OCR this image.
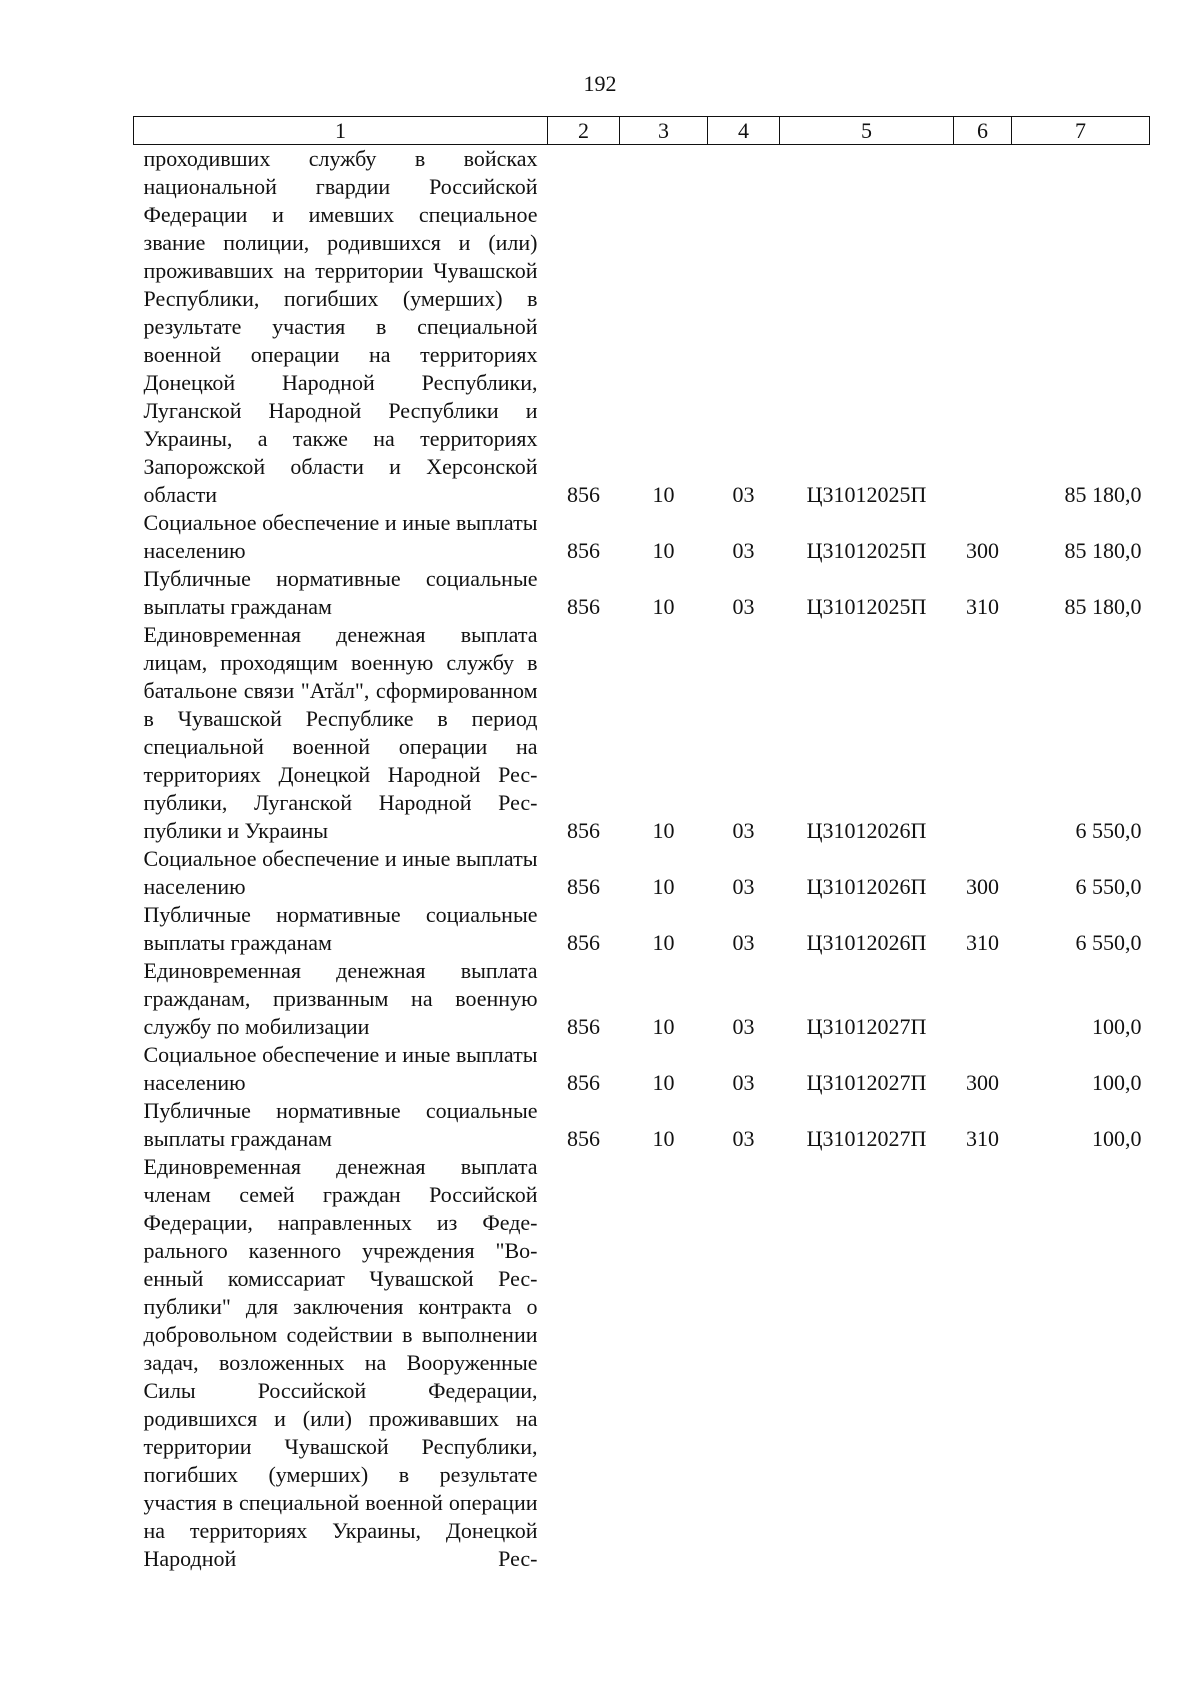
192
1	2	3	4	5	6	7
проходивших службу в войсках национальной гвардии Российской Федерации и имевших специальное звание полиции, родившихся и (или) проживавших на территории Чувашской Республики, погибших (умерших) в результате участия в специальной военной операции на территориях Донецкой Народной Республики, Луганской Народной Республики и Украины, а также на территориях Запорожской области и Херсонской области	856	10	03	Ц31012025П		85 180,0
Социальное обеспечение и иные выплаты населению	856	10	03	Ц31012025П	300	85 180,0
Публичные нормативные социальные выплаты гражданам	856	10	03	Ц31012025П	310	85 180,0
Единовременная денежная выплата лицам, проходящим военную службу в батальоне связи "Атӑл", сформированном в Чувашской Республике в период специальной военной операции на территориях Донецкой Народной Республики, Луганской Народной Республики и Украины	856	10	03	Ц31012026П		6 550,0
Социальное обеспечение и иные выплаты населению	856	10	03	Ц31012026П	300	6 550,0
Публичные нормативные социальные выплаты гражданам	856	10	03	Ц31012026П	310	6 550,0
Единовременная денежная выплата гражданам, призванным на военную службу по мобилизации	856	10	03	Ц31012027П		100,0
Социальное обеспечение и иные выплаты населению	856	10	03	Ц31012027П	300	100,0
Публичные нормативные социальные выплаты гражданам	856	10	03	Ц31012027П	310	100,0
Единовременная денежная выплата членам семей граждан Российской Федерации, направленных из Федерального казенного учреждения "Военный комиссариат Чувашской Республики" для заключения контракта о добровольном содействии в выполнении задач, возложенных на Вооруженные Силы Российской Федерации, родившихся и (или) проживавших на территории Чувашской Республики, погибших (умерших) в результате участия в специальной военной операции на территориях Украины, Донецкой Народной Рес-						
